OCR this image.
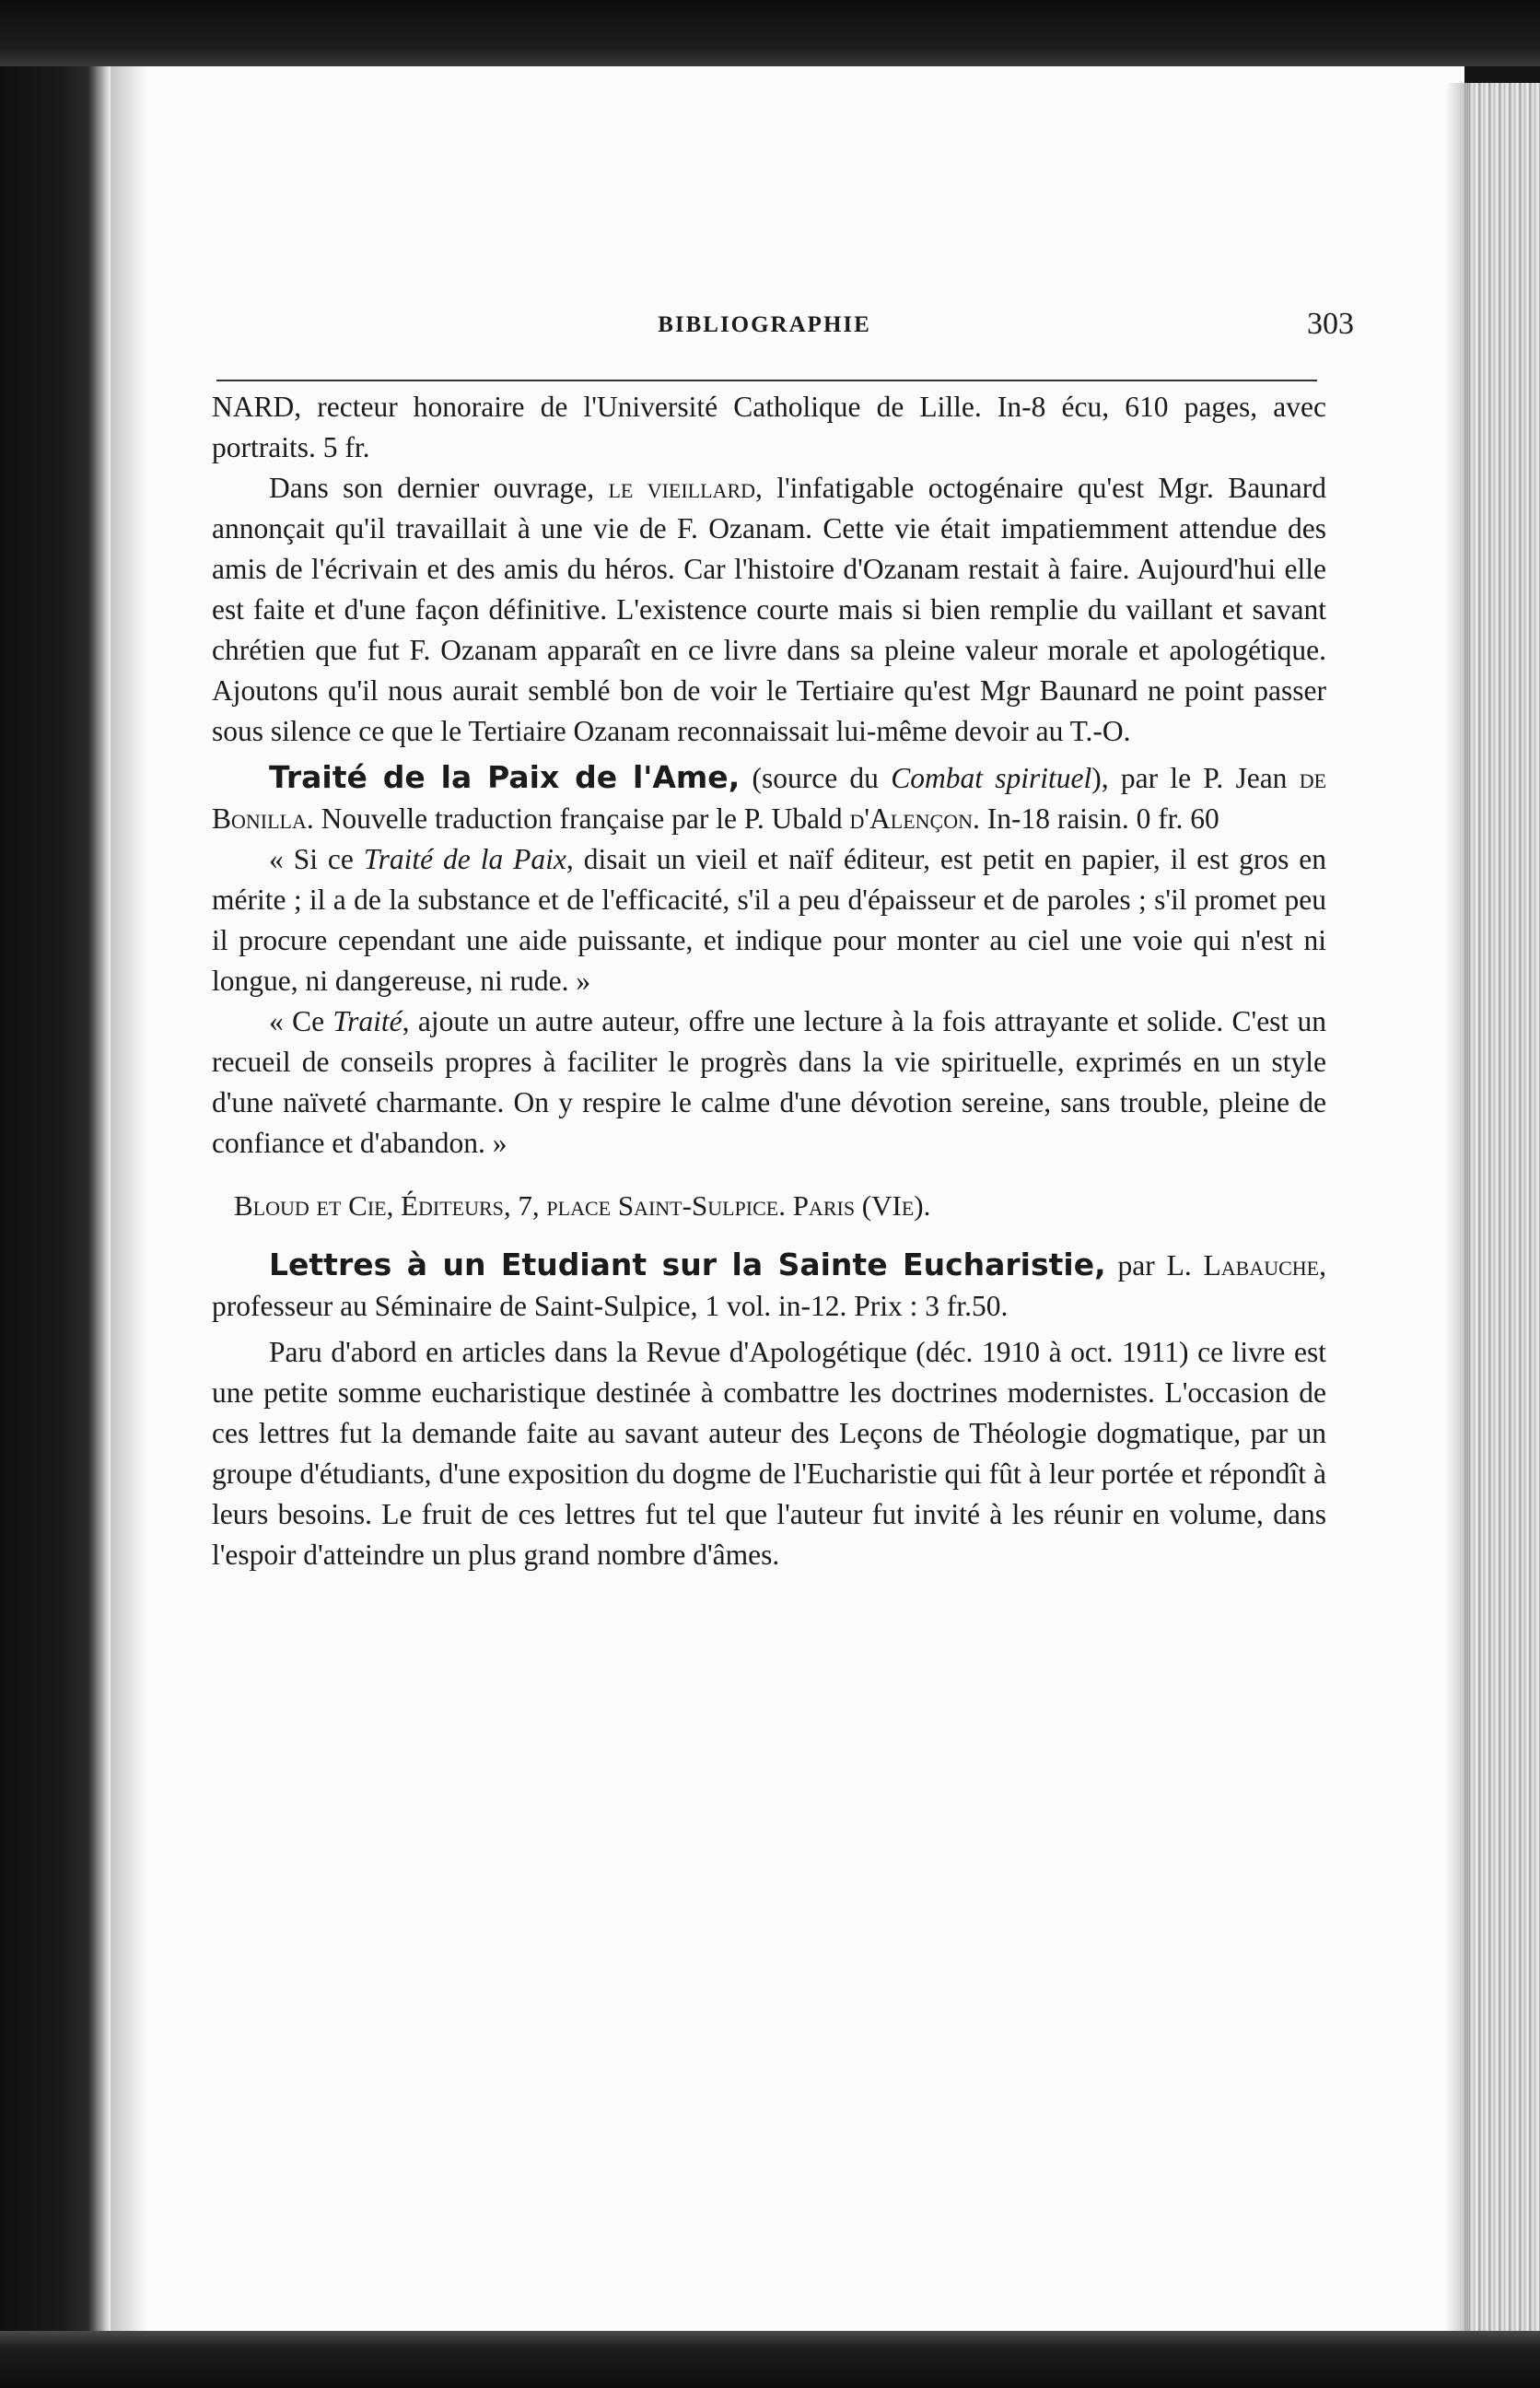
BIBLIOGRAPHIE	303

NARD, recteur honoraire de l'Université Catholique de Lille. In-8 écu, 610 pages, avec portraits. 5 fr.

Dans son dernier ouvrage, le vieillard, l'infatigable octogénaire qu'est Mgr. Baunard annonçait qu'il travaillait à une vie de F. Ozanam. Cette vie était impatiemment attendue des amis de l'écrivain et des amis du héros. Car l'histoire d'Ozanam restait à faire. Aujourd'hui elle est faite et d'une façon définitive. L'existence courte mais si bien remplie du vaillant et savant chrétien que fut F. Ozanam apparaît en ce livre dans sa pleine valeur morale et apologétique. Ajoutons qu'il nous aurait semblé bon de voir le Tertiaire qu'est Mgr Baunard ne point passer sous silence ce que le Tertiaire Ozanam reconnaissait lui-même devoir au T.-O.

Traité de la Paix de l'Ame, (source du Combat spirituel), par le P. Jean de Bonilla. Nouvelle traduction française par le P. Ubald d'Alençon. In-18 raisin. 0 fr. 60

« Si ce Traité de la Paix, disait un vieil et naïf éditeur, est petit en papier, il est gros en mérite ; il a de la substance et de l'efficacité, s'il a peu d'épaisseur et de paroles ; s'il promet peu il procure cependant une aide puissante, et indique pour monter au ciel une voie qui n'est ni longue, ni dangereuse, ni rude. »

« Ce Traité, ajoute un autre auteur, offre une lecture à la fois attrayante et solide. C'est un recueil de conseils propres à faciliter le progrès dans la vie spirituelle, exprimés en un style d'une naïveté charmante. On y respire le calme d'une dévotion sereine, sans trouble, pleine de confiance et d'abandon. »

Bloud et Cie, Éditeurs, 7, place Saint-Sulpice. Paris (VIe).

Lettres à un Etudiant sur la Sainte Eucharistie, par L. Labauche, professeur au Séminaire de Saint-Sulpice, 1 vol. in-12. Prix : 3 fr.50.

Paru d'abord en articles dans la Revue d'Apologétique (déc. 1910 à oct. 1911) ce livre est une petite somme eucharistique destinée à combattre les doctrines modernistes. L'occasion de ces lettres fut la demande faite au savant auteur des Leçons de Théologie dogmatique, par un groupe d'étudiants, d'une exposition du dogme de l'Eucharistie qui fût à leur portée et répondît à leurs besoins. Le fruit de ces lettres fut tel que l'auteur fut invité à les réunir en volume, dans l'espoir d'atteindre un plus grand nombre d'âmes.
